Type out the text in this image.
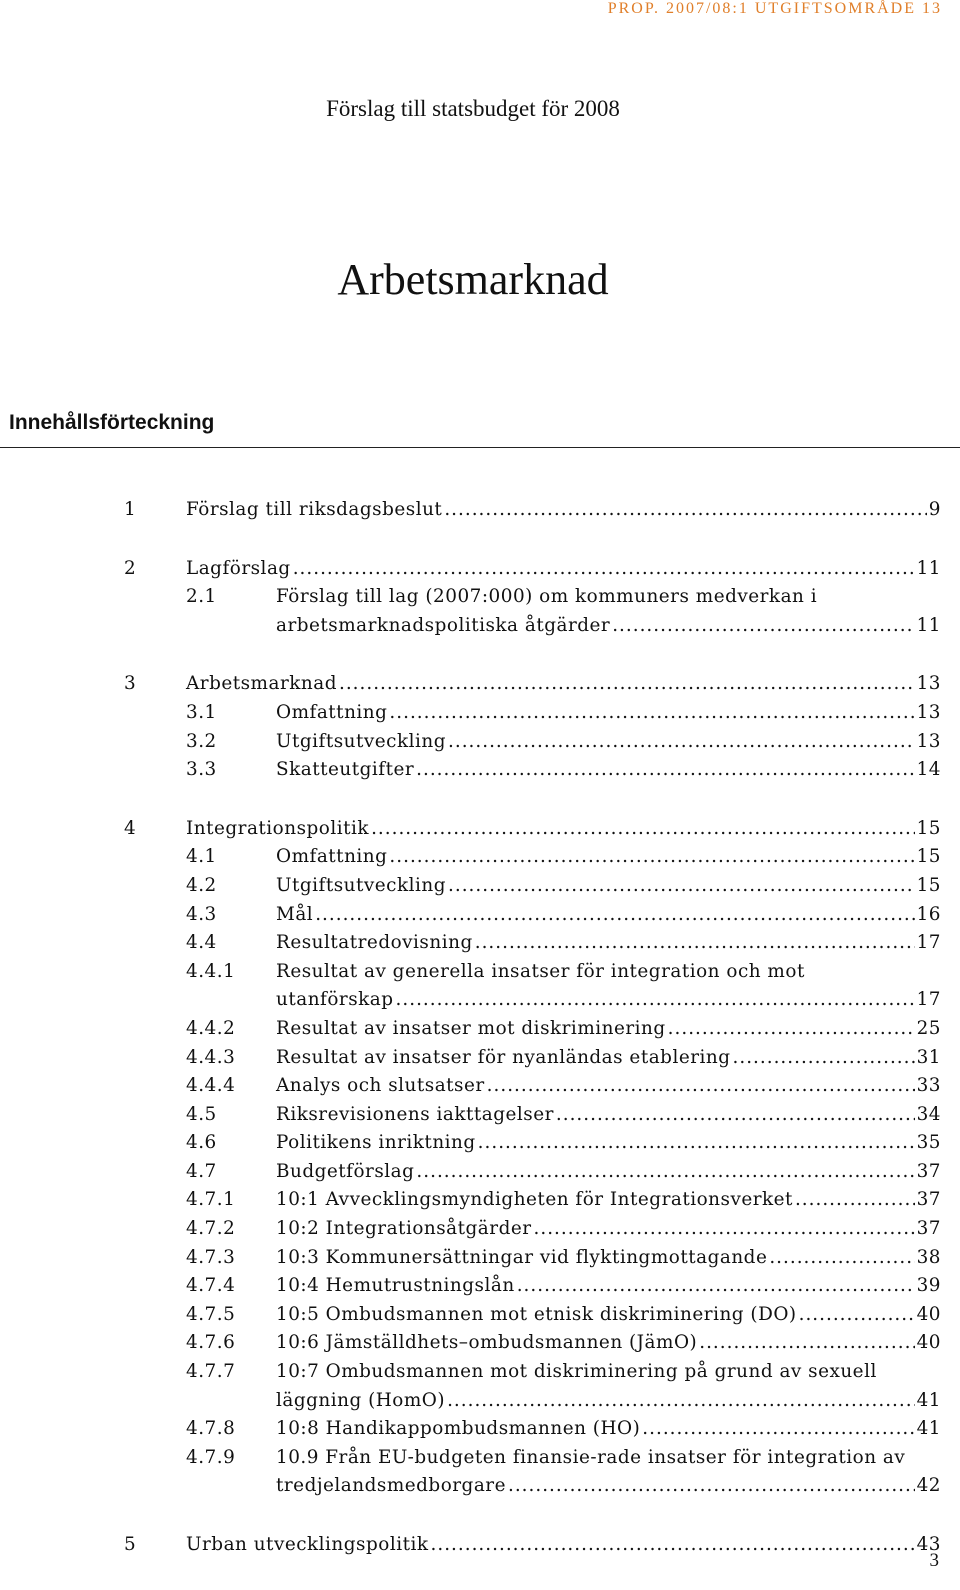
PROP. 2007/08:1 UTGIFTSOMRÅDE 13
Förslag till statsbudget för 2008
Arbetsmarknad
Innehållsförteckning
1	Förslag till riksdagsbeslut .....	9
2	Lagförslag .....	11
2.1	Förslag till lag (2007:000) om kommuners medverkan i
arbetsmarknadspolitiska åtgärder .....	11
3	Arbetsmarknad .....	13
3.1	Omfattning .....	13
3.2	Utgiftsutveckling .....	13
3.3	Skatteutgifter .....	14
4	Integrationspolitik .....	15
4.1	Omfattning .....	15
4.2	Utgiftsutveckling .....	15
4.3	Mål .....	16
4.4	Resultatredovisning .....	17
4.4.1 Resultat av generella insatser för integration och mot
utanförskap .....	17
4.4.2 Resultat av insatser mot diskriminering .....	25
4.4.3 Resultat av insatser för nyanländas etablering .....	31
4.4.4 Analys och slutsatser .....	33
4.5	Riksrevisionens iakttagelser .....	34
4.6	Politikens inriktning .....	35
4.7	Budgetförslag .....	37
4.7.1 10:1 Avvecklingsmyndigheten för Integrationsverket .....	37
4.7.2 10:2 Integrationsåtgärder .....	37
4.7.3 10:3 Kommunersättningar vid flyktingmottagande .....	38
4.7.4 10:4 Hemutrustningslån .....	39
4.7.5 10:5 Ombudsmannen mot etnisk diskriminering (DO) .....	40
4.7.6 10:6 Jämställdhets–ombudsmannen (JämO) .....	40
4.7.7 10:7 Ombudsmannen mot diskriminering på grund av sexuell
läggning (HomO) .....	41
4.7.8 10:8 Handikappombudsmannen (HO) .....	41
4.7.9 10.9 Från EU-budgeten finansie-rade insatser för integration av
tredjelandsmedborgare .....	42
5	Urban utvecklingspolitik .....	43
3
